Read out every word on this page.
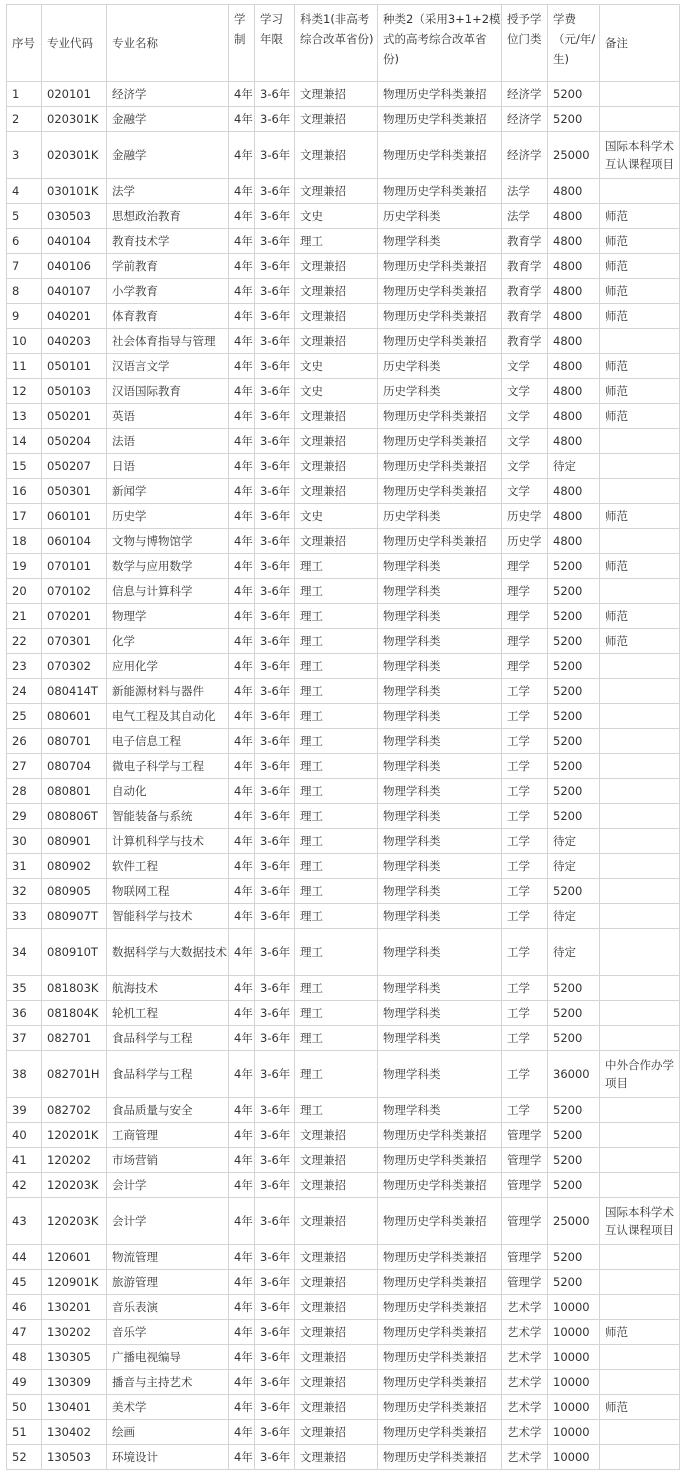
序号	专业代码	专业名称	学制	学习年限	科类1(非高考综合改革省份)	种类2（采用3+1+2模式的高考综合改革省份)	授予学位门类	学费（元/年/生)	备注
1	020101	经济学	4年	3-6年	文理兼招	物理历史学科类兼招	经济学	5200	
2	020301K	金融学	4年	3-6年	文理兼招	物理历史学科类兼招	经济学	5200	
3	020301K	金融学	4年	3-6年	文理兼招	物理历史学科类兼招	经济学	25000	国际本科学术互认课程项目
4	030101K	法学	4年	3-6年	文理兼招	物理历史学科类兼招	法学	4800	
5	030503	思想政治教育	4年	3-6年	文史	历史学科类	法学	4800	师范
6	040104	教育技术学	4年	3-6年	理工	物理学科类	教育学	4800	师范
7	040106	学前教育	4年	3-6年	文理兼招	物理历史学科类兼招	教育学	4800	师范
8	040107	小学教育	4年	3-6年	文理兼招	物理历史学科类兼招	教育学	4800	师范
9	040201	体育教育	4年	3-6年	文理兼招	物理历史学科类兼招	教育学	4800	师范
10	040203	社会体育指导与管理	4年	3-6年	文理兼招	物理历史学科类兼招	教育学	4800	
11	050101	汉语言文学	4年	3-6年	文史	历史学科类	文学	4800	师范
12	050103	汉语国际教育	4年	3-6年	文史	历史学科类	文学	4800	师范
13	050201	英语	4年	3-6年	文理兼招	物理历史学科类兼招	文学	4800	师范
14	050204	法语	4年	3-6年	文理兼招	物理历史学科类兼招	文学	4800	
15	050207	日语	4年	3-6年	文理兼招	物理历史学科类兼招	文学	待定	
16	050301	新闻学	4年	3-6年	文理兼招	物理历史学科类兼招	文学	4800	
17	060101	历史学	4年	3-6年	文史	历史学科类	历史学	4800	师范
18	060104	文物与博物馆学	4年	3-6年	文理兼招	物理历史学科类兼招	历史学	4800	
19	070101	数学与应用数学	4年	3-6年	理工	物理学科类	理学	5200	师范
20	070102	信息与计算科学	4年	3-6年	理工	物理学科类	理学	5200	
21	070201	物理学	4年	3-6年	理工	物理学科类	理学	5200	师范
22	070301	化学	4年	3-6年	理工	物理学科类	理学	5200	师范
23	070302	应用化学	4年	3-6年	理工	物理学科类	理学	5200	
24	080414T	新能源材料与器件	4年	3-6年	理工	物理学科类	工学	5200	
25	080601	电气工程及其自动化	4年	3-6年	理工	物理学科类	工学	5200	
26	080701	电子信息工程	4年	3-6年	理工	物理学科类	工学	5200	
27	080704	微电子科学与工程	4年	3-6年	理工	物理学科类	工学	5200	
28	080801	自动化	4年	3-6年	理工	物理学科类	工学	5200	
29	080806T	智能装备与系统	4年	3-6年	理工	物理学科类	工学	5200	
30	080901	计算机科学与技术	4年	3-6年	理工	物理学科类	工学	待定	
31	080902	软件工程	4年	3-6年	理工	物理学科类	工学	待定	
32	080905	物联网工程	4年	3-6年	理工	物理学科类	工学	5200	
33	080907T	智能科学与技术	4年	3-6年	理工	物理学科类	工学	待定	
34	080910T	数据科学与大数据技术	4年	3-6年	理工	物理学科类	工学	待定	
35	081803K	航海技术	4年	3-6年	理工	物理学科类	工学	5200	
36	081804K	轮机工程	4年	3-6年	理工	物理学科类	工学	5200	
37	082701	食品科学与工程	4年	3-6年	理工	物理学科类	工学	5200	
38	082701H	食品科学与工程	4年	3-6年	理工	物理学科类	工学	36000	中外合作办学项目
39	082702	食品质量与安全	4年	3-6年	理工	物理学科类	工学	5200	
40	120201K	工商管理	4年	3-6年	文理兼招	物理历史学科类兼招	管理学	5200	
41	120202	市场营销	4年	3-6年	文理兼招	物理历史学科类兼招	管理学	5200	
42	120203K	会计学	4年	3-6年	文理兼招	物理历史学科类兼招	管理学	5200	
43	120203K	会计学	4年	3-6年	文理兼招	物理历史学科类兼招	管理学	25000	国际本科学术互认课程项目
44	120601	物流管理	4年	3-6年	文理兼招	物理历史学科类兼招	管理学	5200	
45	120901K	旅游管理	4年	3-6年	文理兼招	物理历史学科类兼招	管理学	5200	
46	130201	音乐表演	4年	3-6年	文理兼招	物理历史学科类兼招	艺术学	10000	
47	130202	音乐学	4年	3-6年	文理兼招	物理历史学科类兼招	艺术学	10000	师范
48	130305	广播电视编导	4年	3-6年	文理兼招	物理历史学科类兼招	艺术学	10000	
49	130309	播音与主持艺术	4年	3-6年	文理兼招	物理历史学科类兼招	艺术学	10000	
50	130401	美术学	4年	3-6年	文理兼招	物理历史学科类兼招	艺术学	10000	师范
51	130402	绘画	4年	3-6年	文理兼招	物理历史学科类兼招	艺术学	10000	
52	130503	环境设计	4年	3-6年	文理兼招	物理历史学科类兼招	艺术学	10000	
